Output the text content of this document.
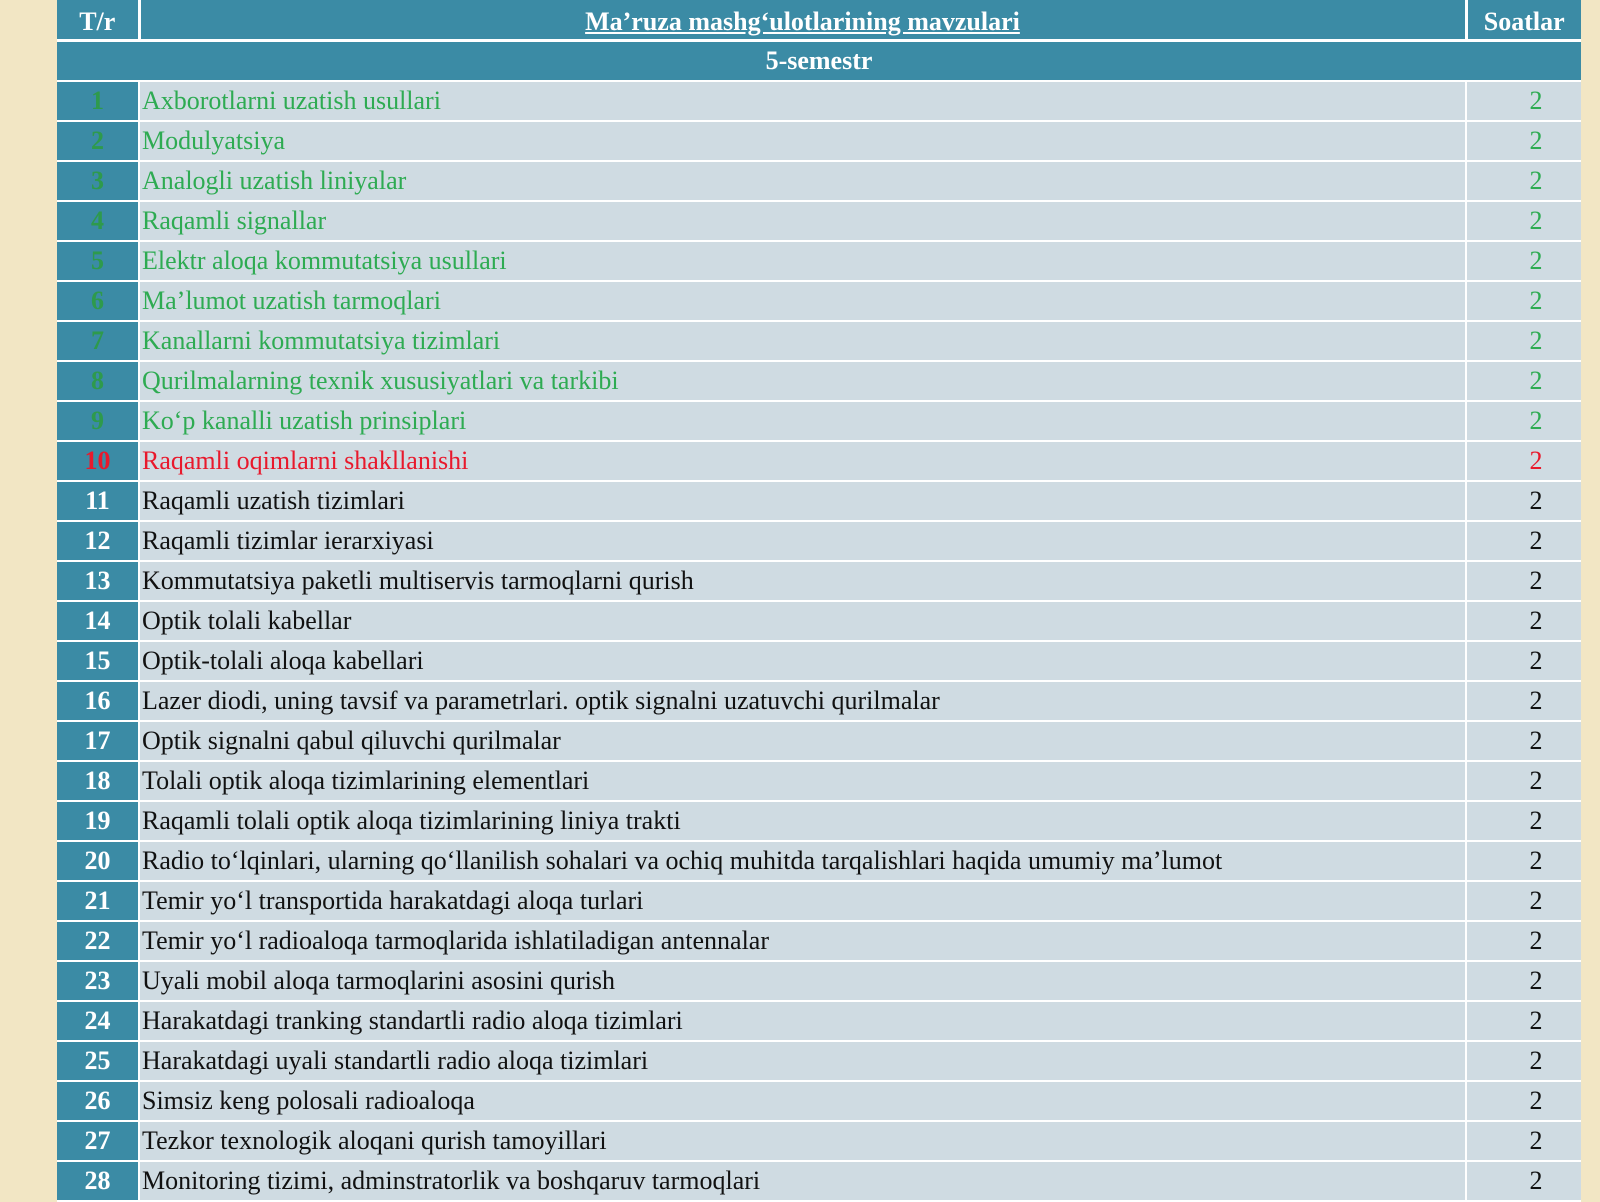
T/r	Ma’ruza mashg‘ulotlarining mavzulari	Soatlar
5-semestr		
1	Axborotlarni uzatish usullari	2
2	Modulyatsiya	2
3	Analogli uzatish liniyalar	2
4	Raqamli signallar	2
5	Elektr aloqa kommutatsiya usullari	2
6	Ma’lumot uzatish tarmoqlari	2
7	Kanallarni kommutatsiya tizimlari	2
8	Qurilmalarning texnik xususiyatlari va tarkibi	2
9	Ko‘p kanalli uzatish prinsiplari	2
10	Raqamli oqimlarni shakllanishi	2
11	Raqamli uzatish tizimlari	2
12	Raqamli tizimlar ierarxiyasi	2
13	Kommutatsiya paketli multiservis tarmoqlarni qurish	2
14	Optik tolali kabellar	2
15	Optik-tolali aloqa kabellari	2
16	Lazer diodi, uning tavsif va parametrlari. optik signalni uzatuvchi qurilmalar	2
17	Optik signalni qabul qiluvchi qurilmalar	2
18	Tolali optik aloqa tizimlarining elementlari	2
19	Raqamli tolali optik aloqa tizimlarining liniya trakti	2
20	Radio to‘lqinlari, ularning qo‘llanilish sohalari va ochiq muhitda tarqalishlari haqida umumiy ma’lumot	2
21	Temir yo‘l transportida harakatdagi aloqa turlari	2
22	Temir yo‘l radioaloqa tarmoqlarida ishlatiladigan antennalar	2
23	Uyali mobil aloqa tarmoqlarini asosini qurish	2
24	Harakatdagi tranking standartli radio aloqa tizimlari	2
25	Harakatdagi uyali standartli radio aloqa tizimlari	2
26	Simsiz keng polosali radioaloqa	2
27	Tezkor texnologik aloqani qurish tamoyillari	2
28	Monitoring tizimi, adminstratorlik va boshqaruv tarmoqlari	2
